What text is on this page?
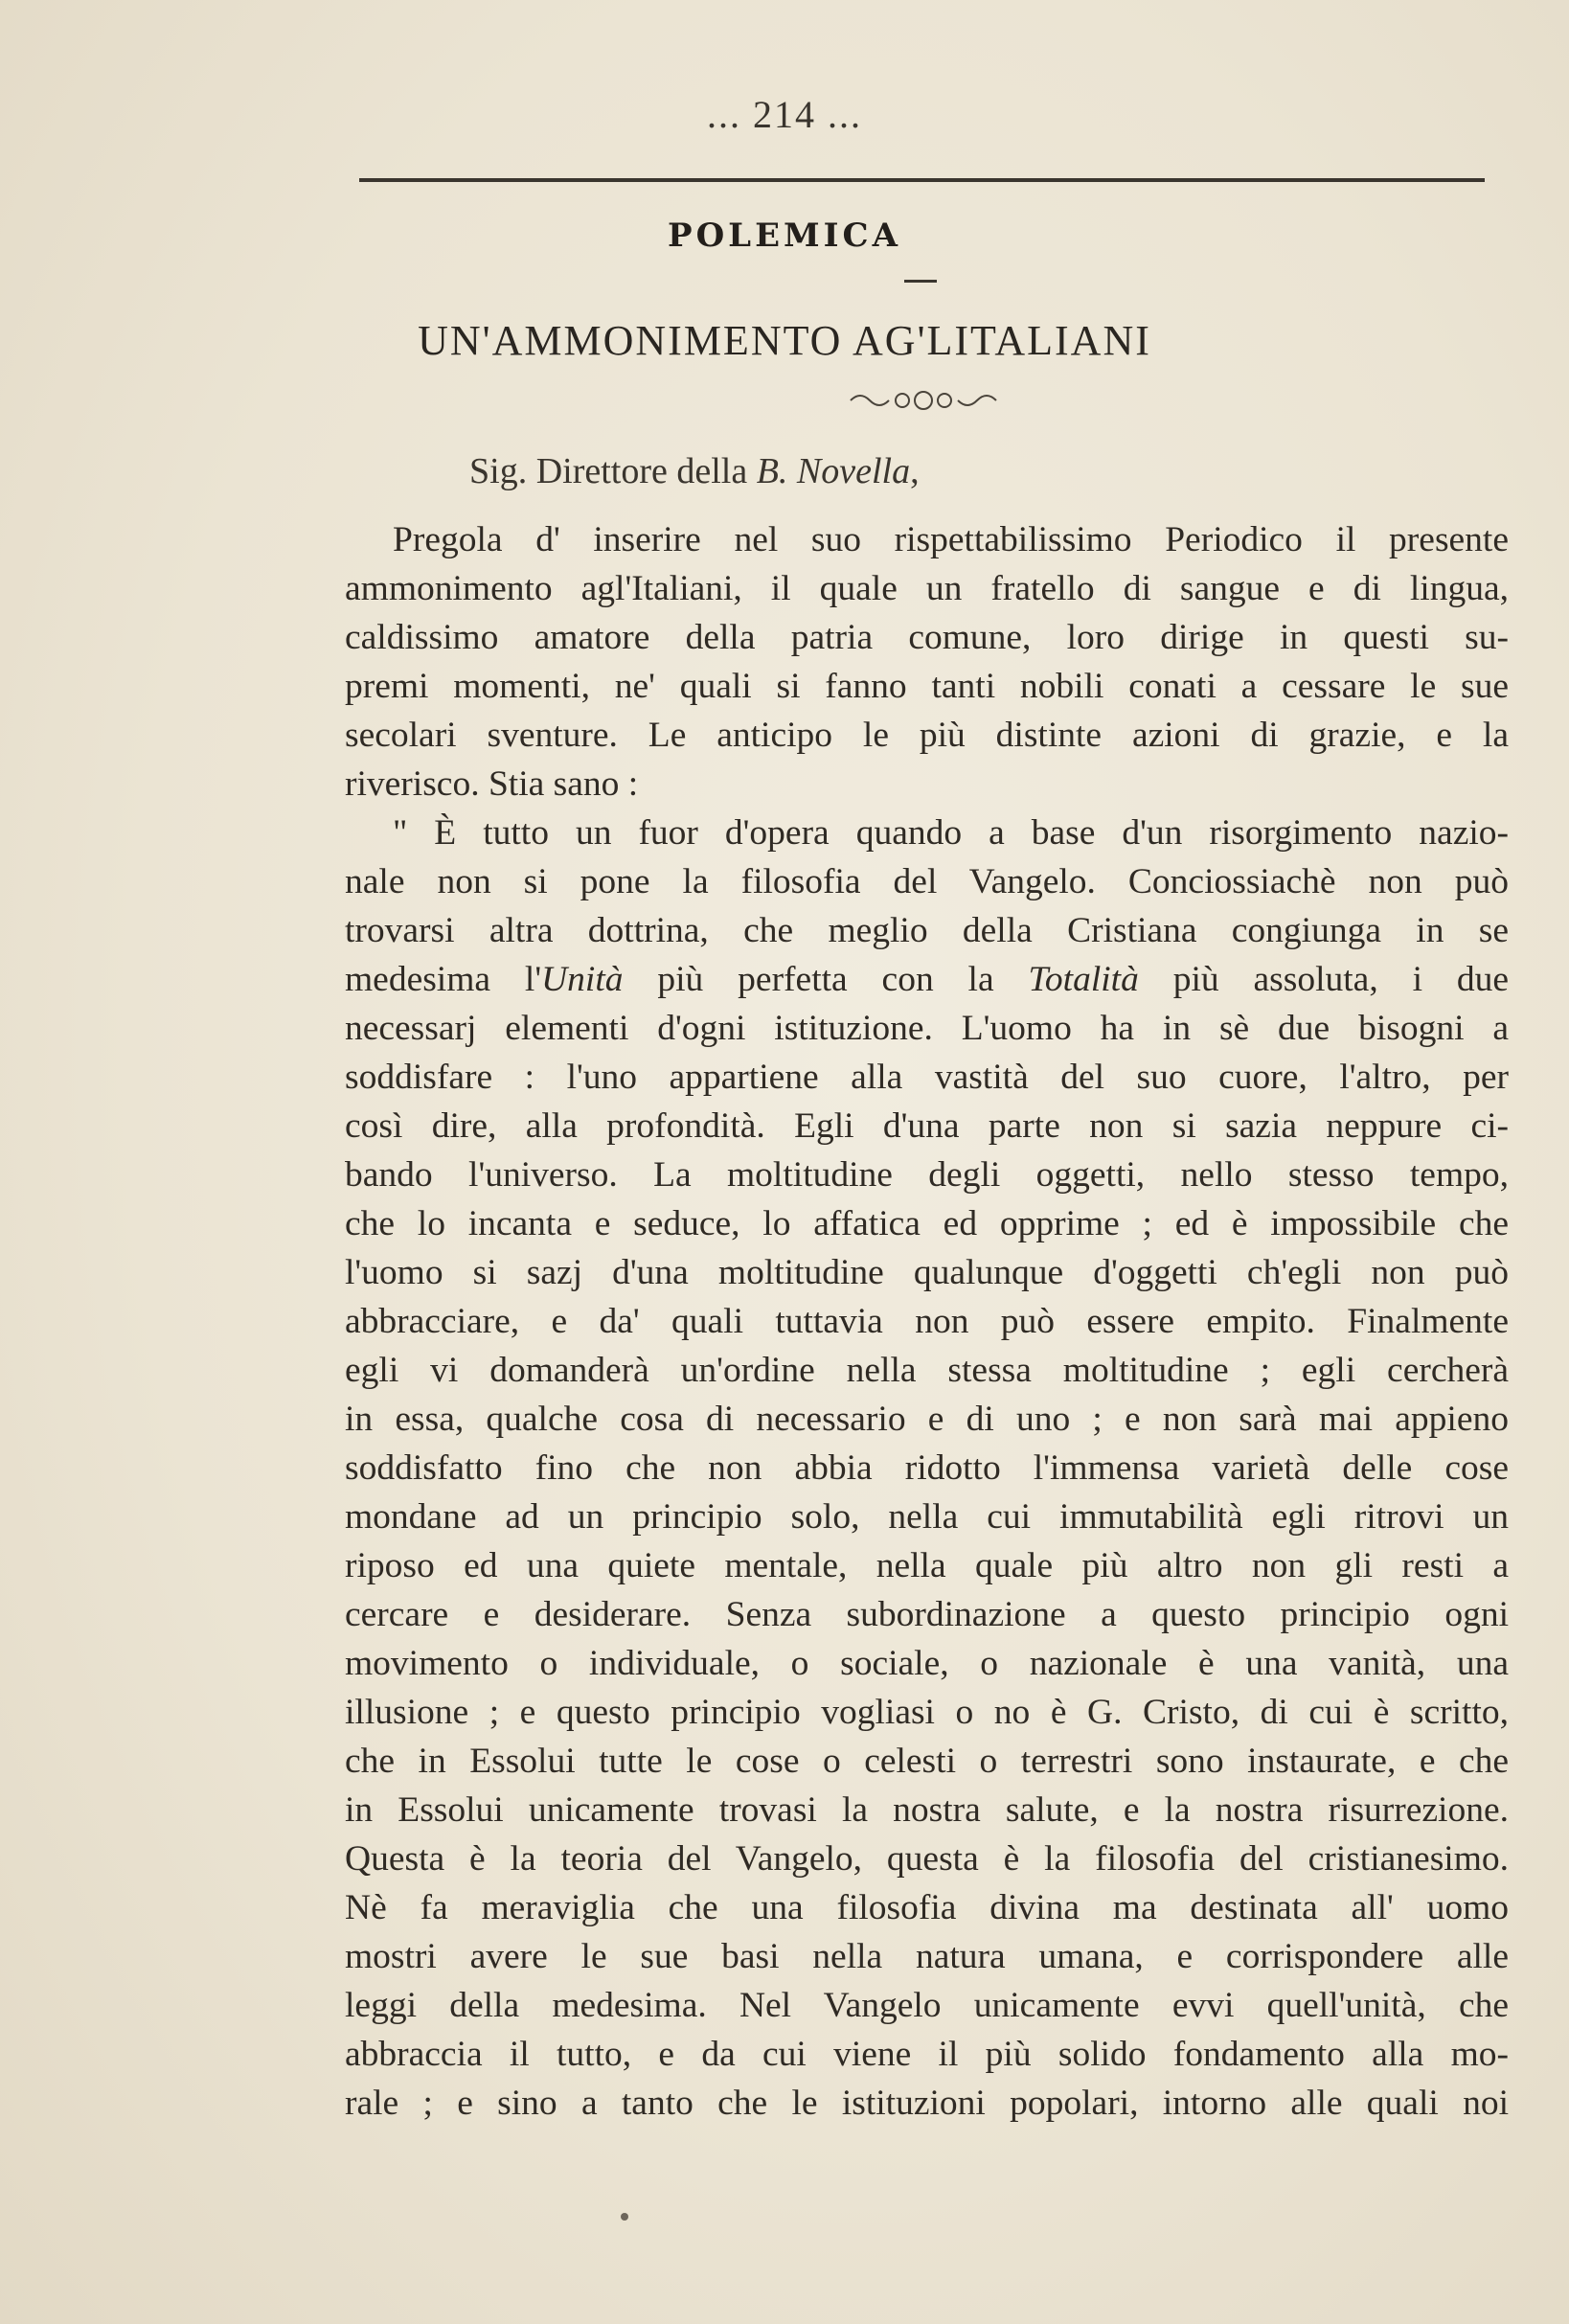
... 214 ...
POLEMICA
UN'AMMONIMENTO AG'LITALIANI
Sig. Direttore della B. Novella,
Pregola d' inserire nel suo rispettabilissimo Periodico il presente
ammonimento agl'Italiani, il quale un fratello di sangue e di lingua,
caldissimo amatore della patria comune, loro dirige in questi su-
premi momenti, ne' quali si fanno tanti nobili conati a cessare le sue
secolari sventure. Le anticipo le più distinte azioni di grazie, e la
riverisco. Stia sano :
" È tutto un fuor d'opera quando a base d'un risorgimento nazio-
nale non si pone la filosofia del Vangelo. Conciossiachè non può
trovarsi altra dottrina, che meglio della Cristiana congiunga in se
medesima l'Unità più perfetta con la Totalità più assoluta, i due
necessarj elementi d'ogni istituzione. L'uomo ha in sè due bisogni a
soddisfare : l'uno appartiene alla vastità del suo cuore, l'altro, per
così dire, alla profondità. Egli d'una parte non si sazia neppure ci-
bando l'universo. La moltitudine degli oggetti, nello stesso tempo,
che lo incanta e seduce, lo affatica ed opprime ; ed è impossibile che
l'uomo si sazj d'una moltitudine qualunque d'oggetti ch'egli non può
abbracciare, e da' quali tuttavia non può essere empito. Finalmente
egli vi domanderà un'ordine nella stessa moltitudine ; egli cercherà
in essa, qualche cosa di necessario e di uno ; e non sarà mai appieno
soddisfatto fino che non abbia ridotto l'immensa varietà delle cose
mondane ad un principio solo, nella cui immutabilità egli ritrovi un
riposo ed una quiete mentale, nella quale più altro non gli resti a
cercare e desiderare. Senza subordinazione a questo principio ogni
movimento o individuale, o sociale, o nazionale è una vanità, una
illusione ; e questo principio vogliasi o no è G. Cristo, di cui è scritto,
che in Essolui tutte le cose o celesti o terrestri sono instaurate, e che
in Essolui unicamente trovasi la nostra salute, e la nostra risurrezione.
Questa è la teoria del Vangelo, questa è la filosofia del cristianesimo.
Nè fa meraviglia che una filosofia divina ma destinata all' uomo
mostri avere le sue basi nella natura umana, e corrispondere alle
leggi della medesima. Nel Vangelo unicamente evvi quell'unità, che
abbraccia il tutto, e da cui viene il più solido fondamento alla mo-
rale ; e sino a tanto che le istituzioni popolari, intorno alle quali noi
